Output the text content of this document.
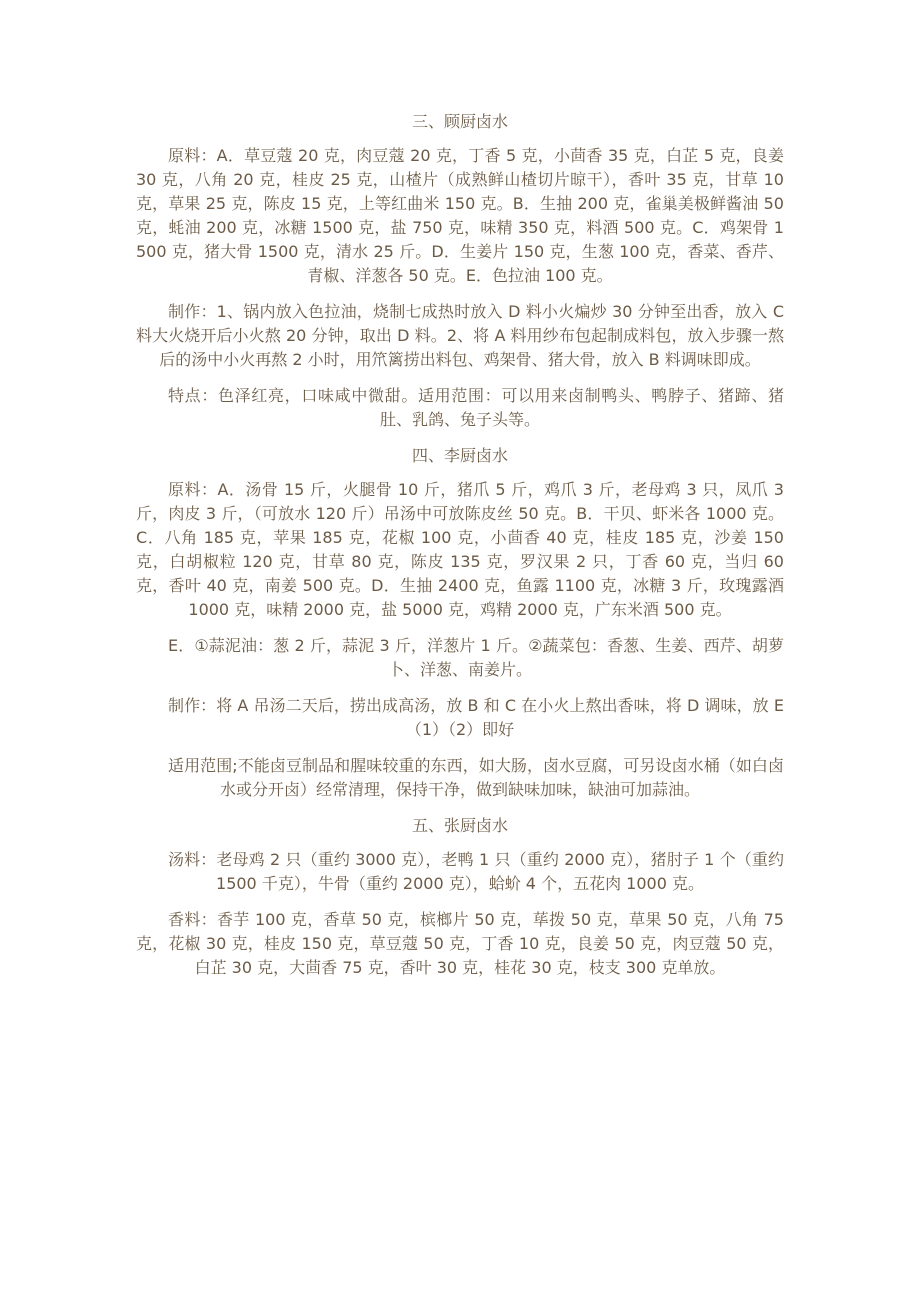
三、顾厨卤水

原料：A．草豆蔻 20 克，肉豆蔻 20 克，丁香 5 克，小茴香 35 克，白芷 5 克，良姜 30 克，八角 20 克，桂皮 25 克，山楂片（成熟鲜山楂切片晾干），香叶 35 克，甘草 10 克，草果 25 克，陈皮 15 克，上等红曲米 150 克。B．生抽 200 克，雀巢美极鲜酱油 50 克，蚝油 200 克，冰糖 1500 克，盐 750 克，味精 350 克，料酒 500 克。C．鸡架骨 1500 克，猪大骨 1500 克，清水 25 斤。D．生姜片 150 克，生葱 100 克，香菜、香芹、青椒、洋葱各 50 克。E．色拉油 100 克。

制作：1、锅内放入色拉油，烧制七成热时放入 D 料小火煸炒 30 分钟至出香，放入 C 料大火烧开后小火熬 20 分钟，取出 D 料。2、将 A 料用纱布包起制成料包，放入步骤一熬后的汤中小火再熬 2 小时，用笊篱捞出料包、鸡架骨、猪大骨，放入 B 料调味即成。

特点：色泽红亮，口味咸中微甜。适用范围：可以用来卤制鸭头、鸭脖子、猪蹄、猪肚、乳鸽、兔子头等。

四、李厨卤水

原料：A．汤骨 15 斤，火腿骨 10 斤，猪爪 5 斤，鸡爪 3 斤，老母鸡 3 只，凤爪 3 斤，肉皮 3 斤，（可放水 120 斤）吊汤中可放陈皮丝 50 克。B．干贝、虾米各 1000 克。C．八角 185 克，苹果 185 克，花椒 100 克，小茴香 40 克，桂皮 185 克，沙姜 150 克，白胡椒粒 120 克，甘草 80 克，陈皮 135 克，罗汉果 2 只，丁香 60 克，当归 60 克，香叶 40 克，南姜 500 克。D．生抽 2400 克，鱼露 1100 克，冰糖 3 斤，玫瑰露酒 1000 克，味精 2000 克，盐 5000 克，鸡精 2000 克，广东米酒 500 克。

E．①蒜泥油：葱 2 斤，蒜泥 3 斤，洋葱片 1 斤。②蔬菜包：香葱、生姜、西芹、胡萝卜、洋葱、南姜片。

制作：将 A 吊汤二天后，捞出成高汤，放 B 和 C 在小火上熬出香味，将 D 调味，放 E（1）（2）即好

适用范围;不能卤豆制品和腥味较重的东西，如大肠，卤水豆腐，可另设卤水桶（如白卤水或分开卤）经常清理，保持干净，做到缺味加味，缺油可加蒜油。

五、张厨卤水

汤料：老母鸡 2 只（重约 3000 克），老鸭 1 只（重约 2000 克），猪肘子 1 个（重约 1500 千克），牛骨（重约 2000 克），蛤蚧 4 个，五花肉 1000 克。

香料：香芋 100 克，香草 50 克，槟榔片 50 克，荜拨 50 克，草果 50 克，八角 75 克，花椒 30 克，桂皮 150 克，草豆蔻 50 克，丁香 10 克，良姜 50 克，肉豆蔻 50 克，白芷 30 克，大茴香 75 克，香叶 30 克，桂花 30 克，枝支 300 克单放。
